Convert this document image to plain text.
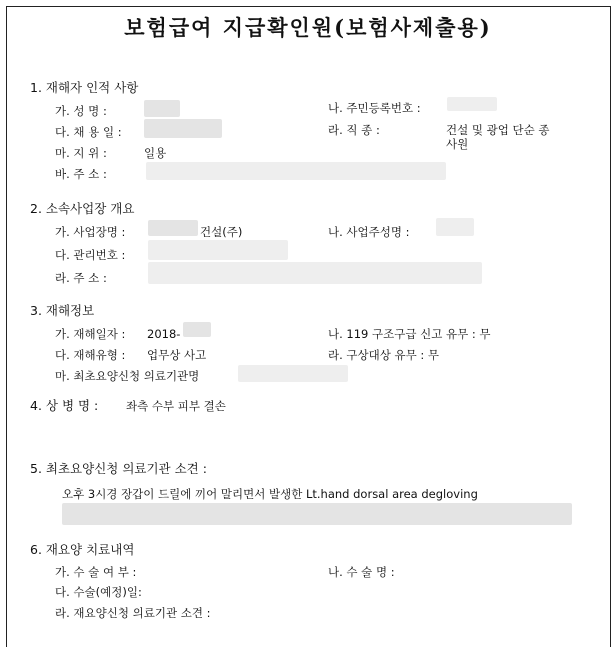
보험급여 지급확인원(보험사제출용)
1. 재해자 인적 사항
가. 성 명 :	나. 주민등록번호 :
다. 채 용 일 :	라. 직 종 :	건설 및 광업 단순 종
사원
마. 지 위 :	일용
바. 주 소 :
2. 소속사업장 개요
가. 사업장명 :	건설(주)	나. 사업주성명 :
다. 관리번호 :
라. 주 소 :
3. 재해정보
가. 재해일자 : 2018-	나. 119 구조구급 신고 유무 : 무
다. 재해유형 : 업무상 사고	라. 구상대상 유무 : 무
마. 최초요양신청 의료기관명
4. 상 병 명 : 좌측 수부 피부 결손
5. 최초요양신청 의료기관 소견 :
오후 3시경 장갑이 드릴에 끼어 말리면서 발생한 Lt.hand dorsal area degloving
6. 재요양 치료내역
가. 수 술 여 부 :	나. 수 술 명 :
다. 수술(예정)일:
라. 재요양신청 의료기관 소견 :
